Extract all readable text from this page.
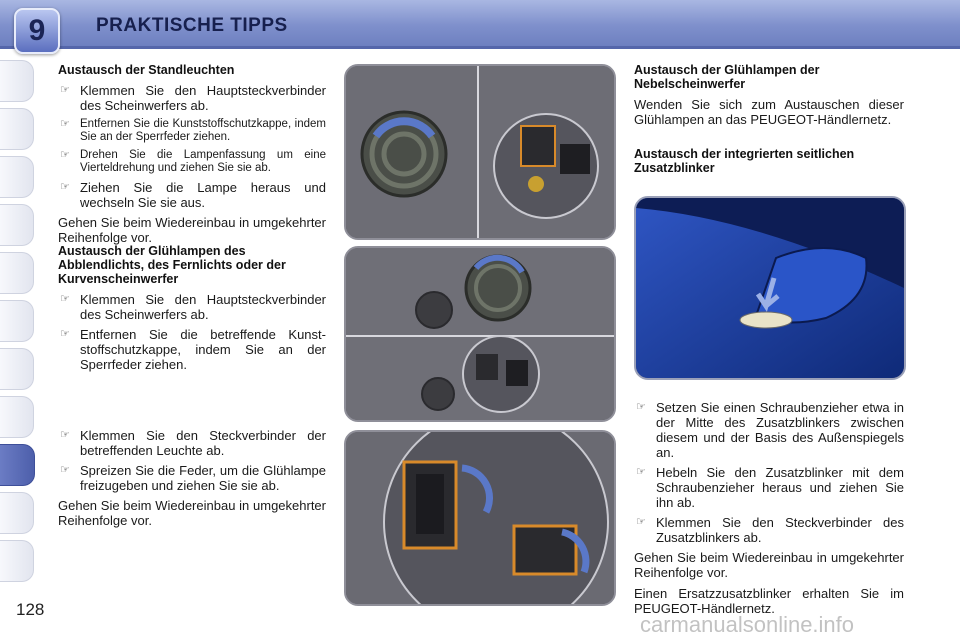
9	PRAKTISCHE TIPPS
Austausch der Standleuchten
☞ Klemmen Sie den Hauptsteckverbinder des Scheinwerfers ab.
☞ Entfernen Sie die Kunststoffschutzkappe, indem Sie an der Sperrfeder ziehen.
☞ Drehen Sie die Lampenfassung um eine Vierteldrehung und ziehen Sie sie ab.
☞ Ziehen Sie die Lampe heraus und wechseln Sie sie aus.
Gehen Sie beim Wiedereinbau in umgekehrter Reihenfolge vor.
Austausch der Glühlampen des Abblendlichts, des Fernlichts oder der Kurvenscheinwerfer
☞ Klemmen Sie den Hauptsteckverbinder des Scheinwerfers ab.
☞ Entfernen Sie die betreffende Kunststoffschutzkappe, indem Sie an der Sperrfeder ziehen.
☞ Klemmen Sie den Steckverbinder der betreffenden Leuchte ab.
☞ Spreizen Sie die Feder, um die Glühlampe freizugeben und ziehen Sie sie ab.
Gehen Sie beim Wiedereinbau in umgekehrter Reihenfolge vor.
Austausch der Glühlampen der Nebelscheinwerfer
Wenden Sie sich zum Austauschen dieser Glühlampen an das PEUGEOT-Händlernetz.
Austausch der integrierten seitlichen Zusatzblinker
☞ Setzen Sie einen Schraubenzieher etwa in der Mitte des Zusatzblinkers zwischen diesem und der Basis des Außenspiegels an.
☞ Hebeln Sie den Zusatzblinker mit dem Schraubenzieher heraus und ziehen Sie ihn ab.
☞ Klemmen Sie den Steckverbinder des Zusatzblinkers ab.
Gehen Sie beim Wiedereinbau in umgekehrter Reihenfolge vor.
Einen Ersatzzusatzblinker erhalten Sie im PEUGEOT-Händlernetz.
128
carmanualsonline.info
